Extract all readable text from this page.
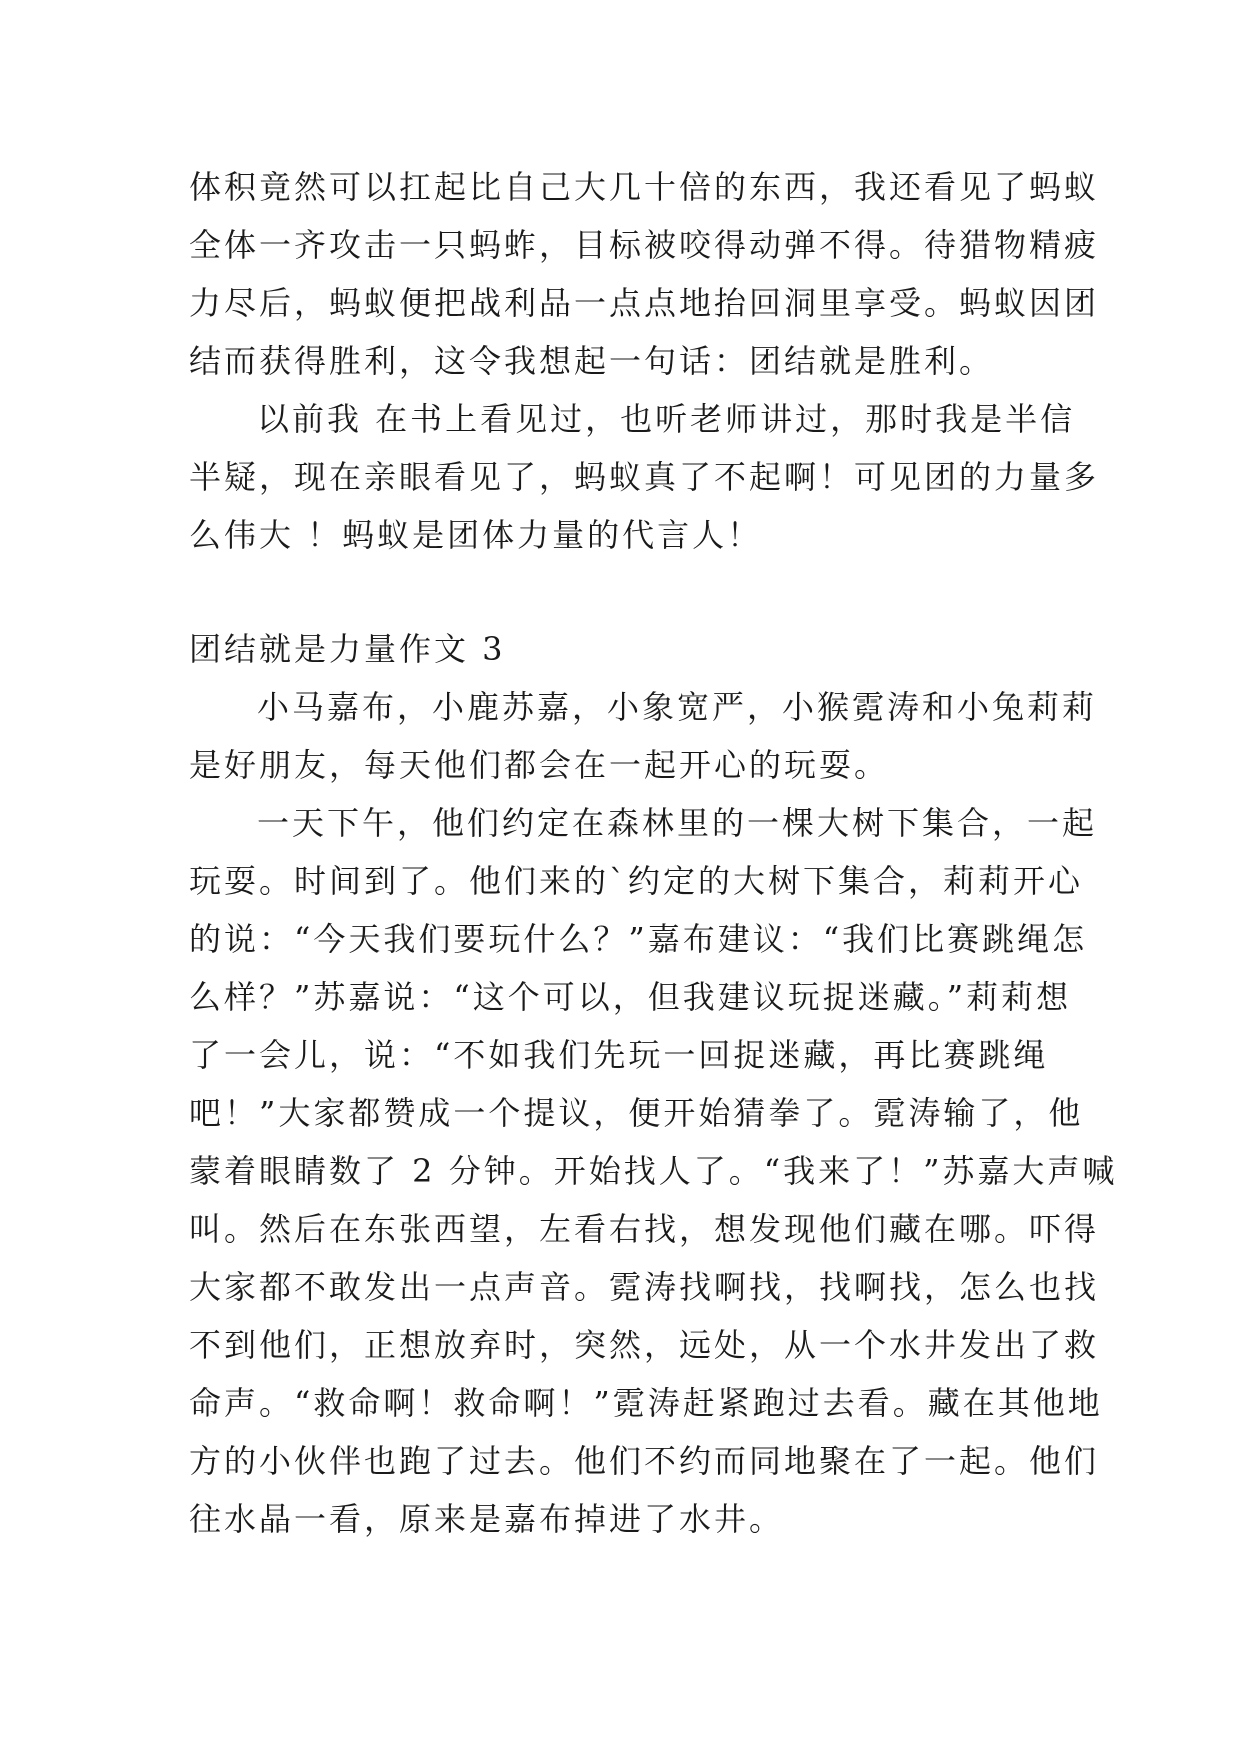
体积竟然可以扛起比自己大几十倍的东西，我还看见了蚂蚁
全体一齐攻击一只蚂蚱，目标被咬得动弹不得。待猎物精疲
力尽后，蚂蚁便把战利品一点点地抬回洞里享受。蚂蚁因团
结而获得胜利，这令我想起一句话：团结就是胜利。
以前我 在书上看见过，也听老师讲过，那时我是半信
半疑，现在亲眼看见了，蚂蚁真了不起啊！可见团的力量多
么伟大 ！蚂蚁是团体力量的代言人！
团结就是力量作文 3
小马嘉布，小鹿苏嘉，小象宽严，小猴霓涛和小兔莉莉
是好朋友，每天他们都会在一起开心的玩耍。
一天下午，他们约定在森林里的一棵大树下集合，一起
玩耍。时间到了。他们来的`约定的大树下集合，莉莉开心
的说：“今天我们要玩什么？”嘉布建议：“我们比赛跳绳怎
么样？”苏嘉说：“这个可以，但我建议玩捉迷藏。”莉莉想
了一会儿，说：“不如我们先玩一回捉迷藏，再比赛跳绳
吧！”大家都赞成一个提议，便开始猜拳了。霓涛输了，他
蒙着眼睛数了 2 分钟。开始找人了。“我来了！”苏嘉大声喊
叫。然后在东张西望，左看右找，想发现他们藏在哪。吓得
大家都不敢发出一点声音。霓涛找啊找，找啊找，怎么也找
不到他们，正想放弃时，突然，远处，从一个水井发出了救
命声。“救命啊！救命啊！”霓涛赶紧跑过去看。藏在其他地
方的小伙伴也跑了过去。他们不约而同地聚在了一起。他们
往水晶一看，原来是嘉布掉进了水井。
